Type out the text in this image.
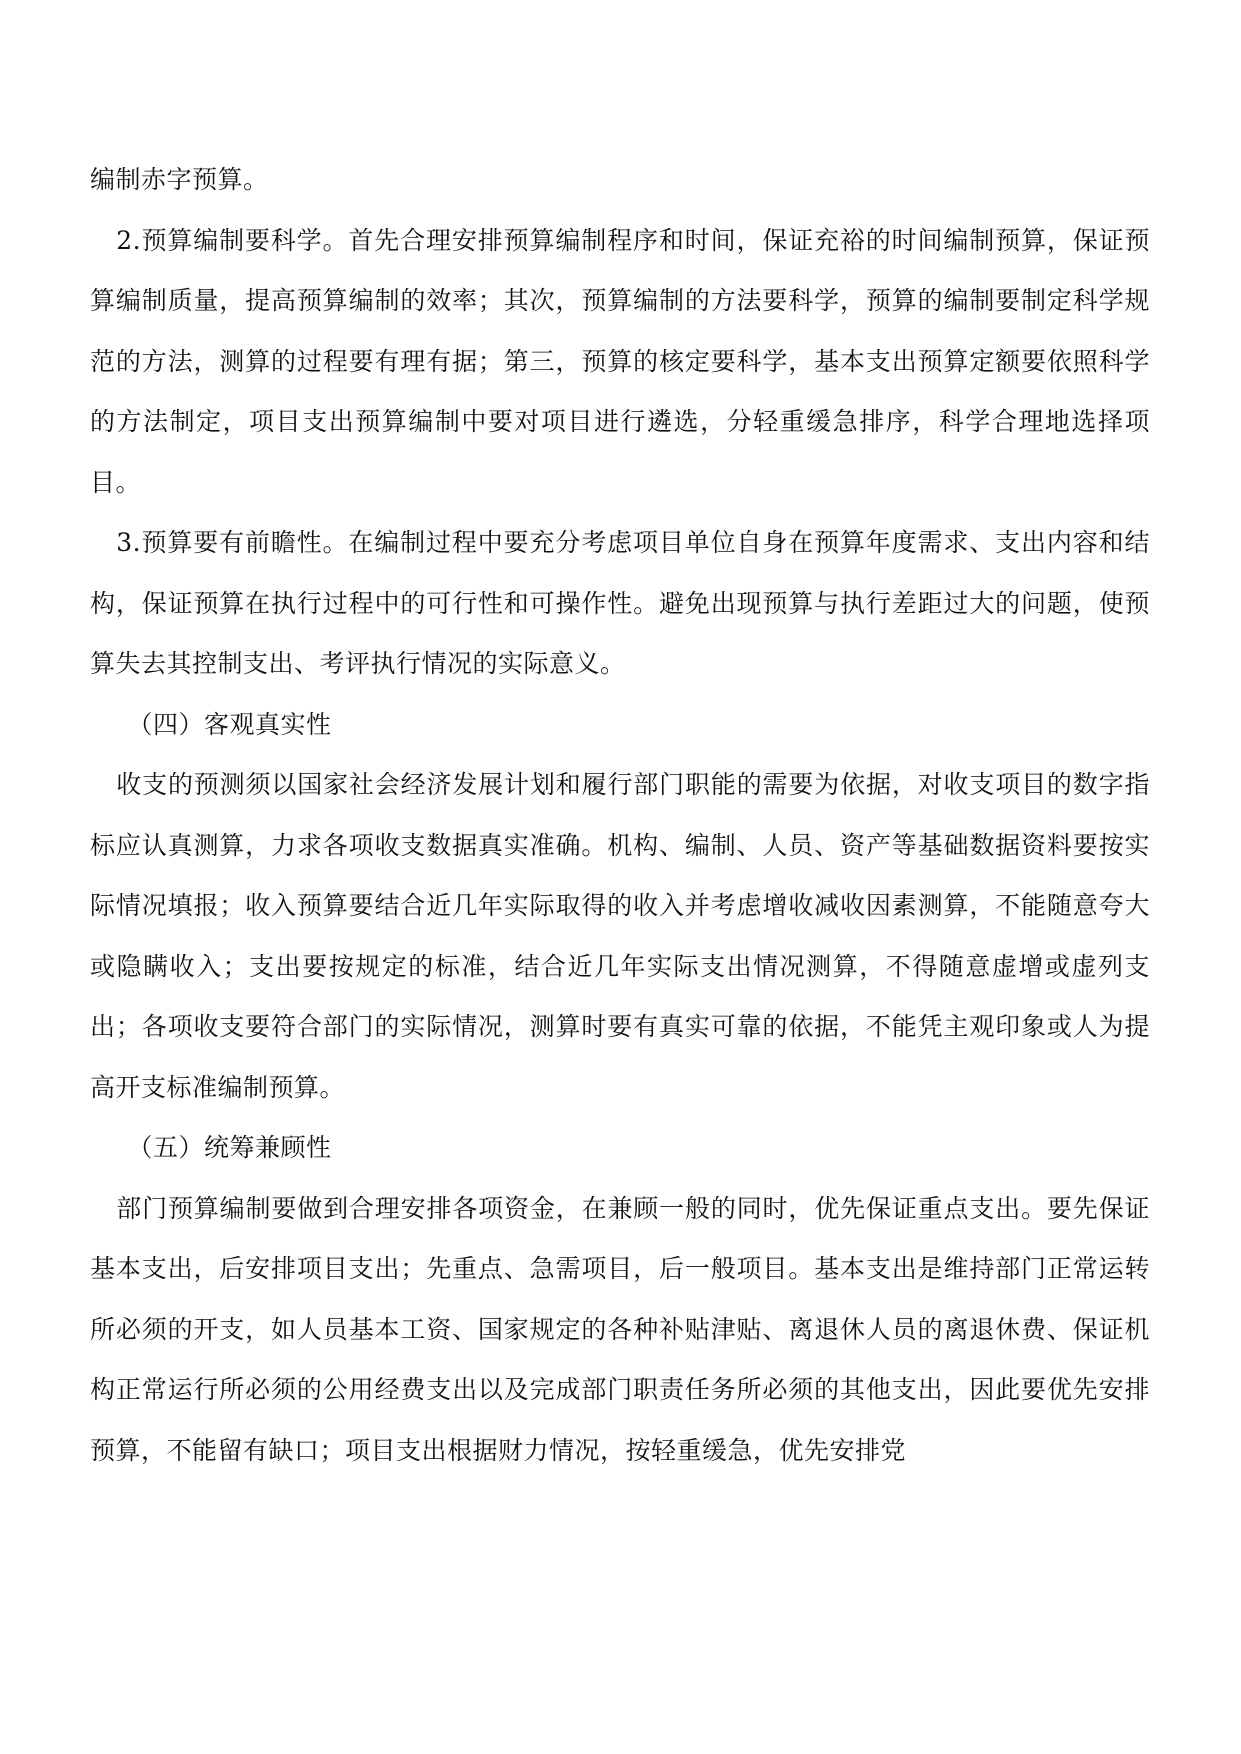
编制赤字预算。

2.预算编制要科学。首先合理安排预算编制程序和时间，保证充裕的时间编制预算，保证预算编制质量，提高预算编制的效率；其次，预算编制的方法要科学，预算的编制要制定科学规范的方法，测算的过程要有理有据；第三，预算的核定要科学，基本支出预算定额要依照科学的方法制定，项目支出预算编制中要对项目进行遴选，分轻重缓急排序，科学合理地选择项目。

3.预算要有前瞻性。在编制过程中要充分考虑项目单位自身在预算年度需求、支出内容和结构，保证预算在执行过程中的可行性和可操作性。避免出现预算与执行差距过大的问题，使预算失去其控制支出、考评执行情况的实际意义。

（四）客观真实性

收支的预测须以国家社会经济发展计划和履行部门职能的需要为依据，对收支项目的数字指标应认真测算，力求各项收支数据真实准确。机构、编制、人员、资产等基础数据资料要按实际情况填报；收入预算要结合近几年实际取得的收入并考虑增收减收因素测算，不能随意夸大或隐瞒收入；支出要按规定的标准，结合近几年实际支出情况测算，不得随意虚增或虚列支出；各项收支要符合部门的实际情况，测算时要有真实可靠的依据，不能凭主观印象或人为提高开支标准编制预算。

（五）统筹兼顾性

部门预算编制要做到合理安排各项资金，在兼顾一般的同时，优先保证重点支出。要先保证基本支出，后安排项目支出；先重点、急需项目，后一般项目。基本支出是维持部门正常运转所必须的开支，如人员基本工资、国家规定的各种补贴津贴、离退休人员的离退休费、保证机构正常运行所必须的公用经费支出以及完成部门职责任务所必须的其他支出，因此要优先安排预算，不能留有缺口；项目支出根据财力情况，按轻重缓急，优先安排党
